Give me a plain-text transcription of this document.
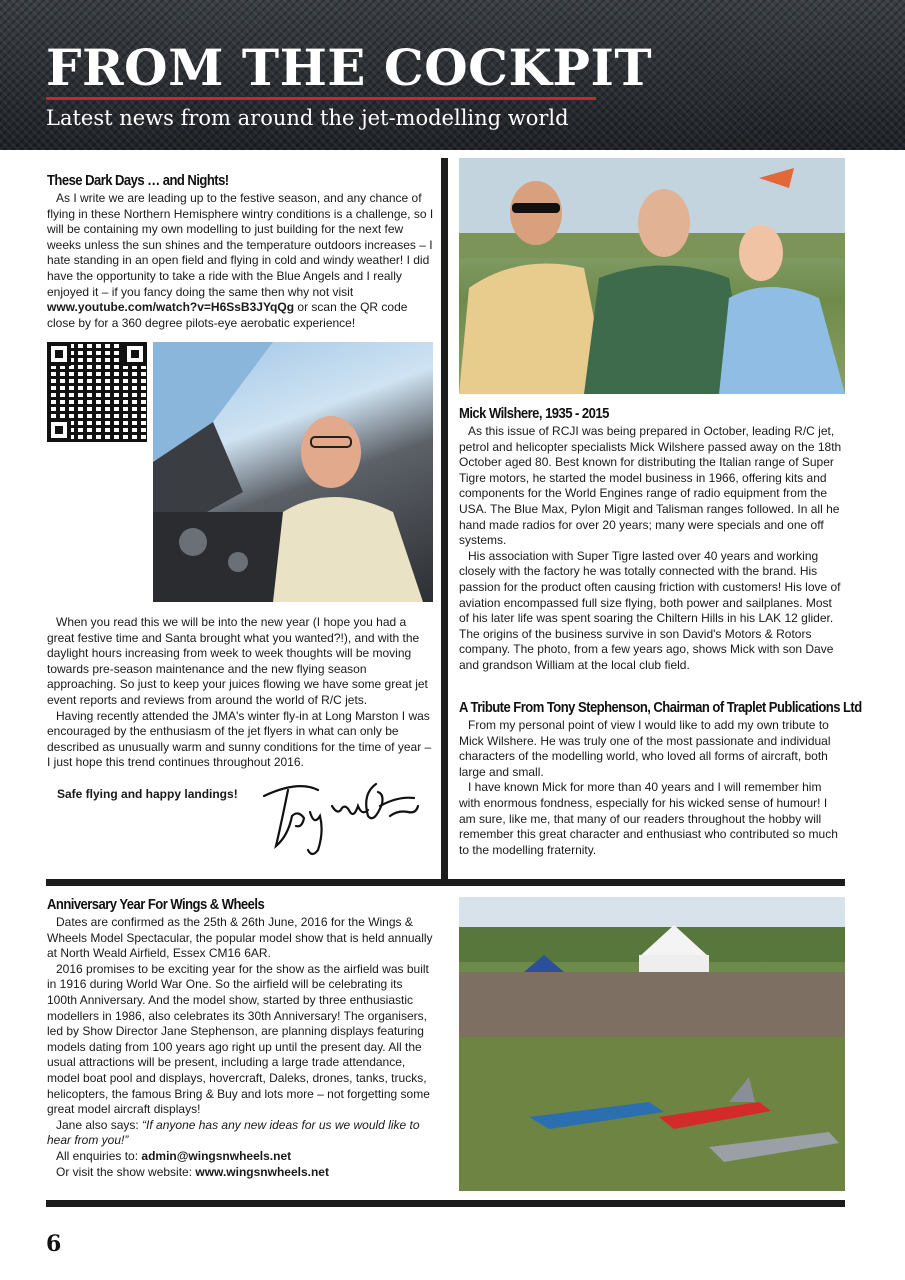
FROM THE COCKPIT

Latest news from around the jet-modelling world

These Dark Days … and Nights!

As I write we are leading up to the festive season, and any chance of flying in these Northern Hemisphere wintry conditions is a challenge, so I will be containing my own modelling to just building for the next few weeks unless the sun shines and the temperature outdoors increases – I hate standing in an open field and flying in cold and windy weather! I did have the opportunity to take a ride with the Blue Angels and I really enjoyed it – if you fancy doing the same then why not visit www.youtube.com/watch?v=H6SsB3JYqQg or scan the QR code close by for a 360 degree pilots-eye aerobatic experience!

When you read this we will be into the new year (I hope you had a great festive time and Santa brought what you wanted?!), and with the daylight hours increasing from week to week thoughts will be moving towards pre-season maintenance and the new flying season approaching. So just to keep your juices flowing we have some great jet event reports and reviews from around the world of R/C jets.

Having recently attended the JMA's winter fly-in at Long Marston I was encouraged by the enthusiasm of the jet flyers in what can only be described as unusually warm and sunny conditions for the time of year – I just hope this trend continues throughout 2016.

Safe flying and happy landings!

Mick Wilshere, 1935 - 2015

As this issue of RCJI was being prepared in October, leading R/C jet, petrol and helicopter specialists Mick Wilshere passed away on the 18th October aged 80. Best known for distributing the Italian range of Super Tigre motors, he started the model business in 1966, offering kits and components for the World Engines range of radio equipment from the USA. The Blue Max, Pylon Migit and Talisman ranges followed. In all he hand made radios for over 20 years; many were specials and one off systems.

His association with Super Tigre lasted over 40 years and working closely with the factory he was totally connected with the brand. His passion for the product often causing friction with customers! His love of aviation encompassed full size flying, both power and sailplanes. Most of his later life was spent soaring the Chiltern Hills in his LAK 12 glider. The origins of the business survive in son David's Motors & Rotors company. The photo, from a few years ago, shows Mick with son Dave and grandson William at the local club field.

A Tribute From Tony Stephenson, Chairman of Traplet Publications Ltd

From my personal point of view I would like to add my own tribute to Mick Wilshere. He was truly one of the most passionate and individual characters of the modelling world, who loved all forms of aircraft, both large and small.

I have known Mick for more than 40 years and I will remember him with enormous fondness, especially for his wicked sense of humour! I am sure, like me, that many of our readers throughout the hobby will remember this great character and enthusiast who contributed so much to the modelling fraternity.

Anniversary Year For Wings & Wheels

Dates are confirmed as the 25th & 26th June, 2016 for the Wings & Wheels Model Spectacular, the popular model show that is held annually at North Weald Airfield, Essex CM16 6AR.

2016 promises to be exciting year for the show as the airfield was built in 1916 during World War One. So the airfield will be celebrating its 100th Anniversary. And the model show, started by three enthusiastic modellers in 1986, also celebrates its 30th Anniversary! The organisers, led by Show Director Jane Stephenson, are planning displays featuring models dating from 100 years ago right up until the present day. All the usual attractions will be present, including a large trade attendance, model boat pool and displays, hovercraft, Daleks, drones, tanks, trucks, helicopters, the famous Bring & Buy and lots more – not forgetting some great model aircraft displays!

Jane also says: “If anyone has any new ideas for us we would like to hear from you!”

All enquiries to: admin@wingsnwheels.net

Or visit the show website: www.wingsnwheels.net

6
